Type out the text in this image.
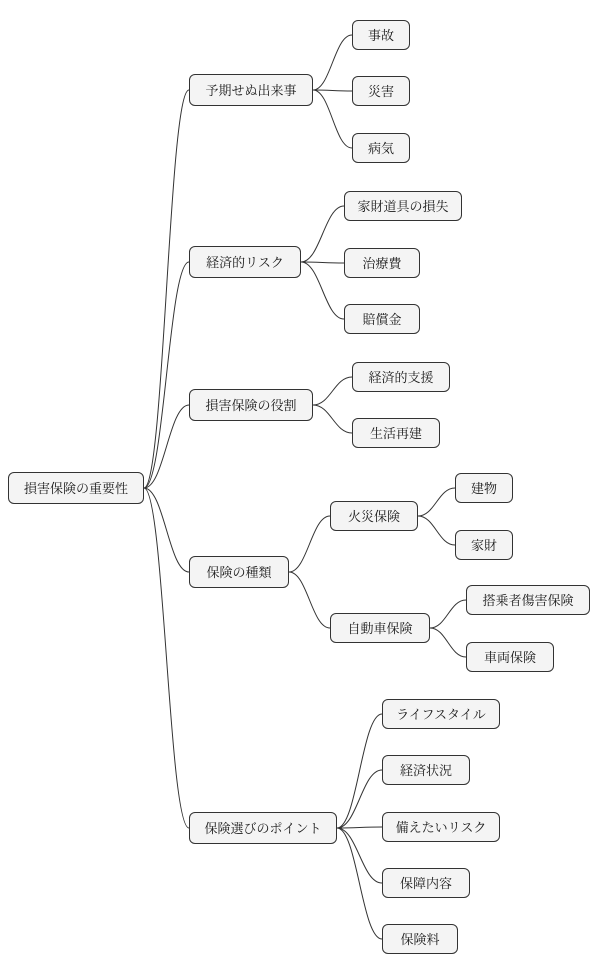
損害保険の重要性
予期せぬ出来事
事故
災害
病気
経済的リスク
家財道具の損失
治療費
賠償金
損害保険の役割
経済的支援
生活再建
保険の種類
火災保険
建物
家財
自動車保険
搭乗者傷害保険
車両保険
保険選びのポイント
ライフスタイル
経済状況
備えたいリスク
保障内容
保険料
